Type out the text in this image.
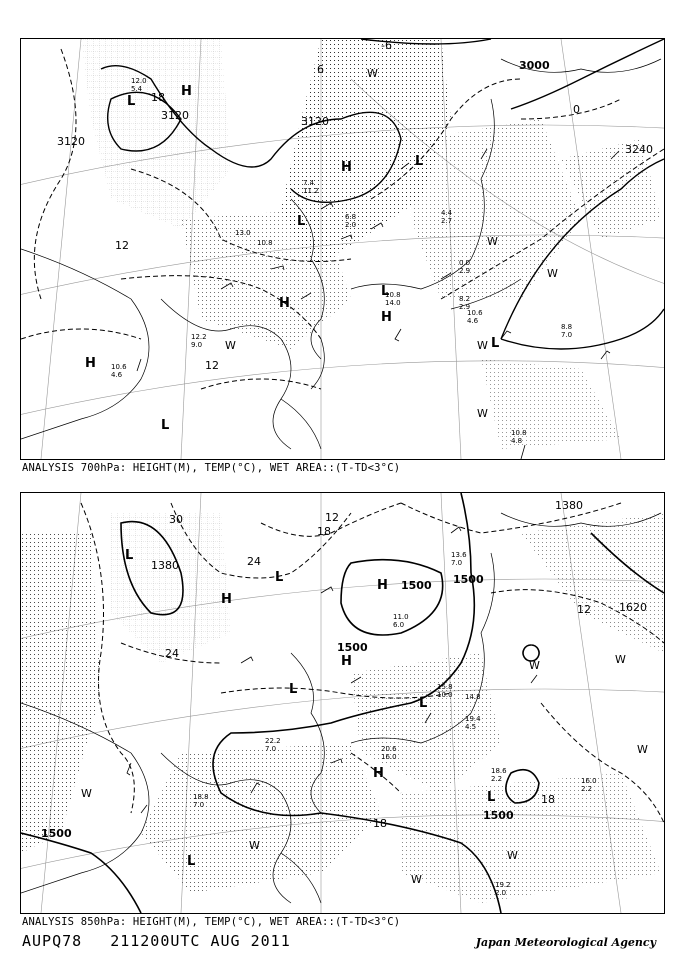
3120
3120	3120
3000
3240
18
12
12
0
6
-6
H
H
H
H
H
L
L
L
L
L
L
W
W
W
W
W
W
12.0
5.4
7.4
11.2
0.0
2.9
10.8
14.0	8.2
2.9
10.6
4.6
8.8
7.0
10.6
4.6
10.8
4.8
12.2
9.0
13.0
10.8
6.8
2.0
4.4
2.7
ANALYSIS 700hPa: HEIGHT(M), TEMP(°C), WET AREA::(T-TD<3°C)
1380
1380
1500 1500
1500
1500
1620
1500
30
24
18
12
24
18
12
18
H
H
H
H
L
L
L
L
L
L
W
W
W
W
W
W
W
15.8
10.0 14.8
19.4
4.5
20.6
16.0
18.6
2.2	16.0
2.2
19.2
2.0
13.6
7.0
11.0
6.0
22.2
7.0
18.8
7.0
ANALYSIS 850hPa: HEIGHT(M), TEMP(°C), WET AREA::(T-TD<3°C)
AUPQ78 211200UTC AUG 2011	Japan Meteorological Agency
